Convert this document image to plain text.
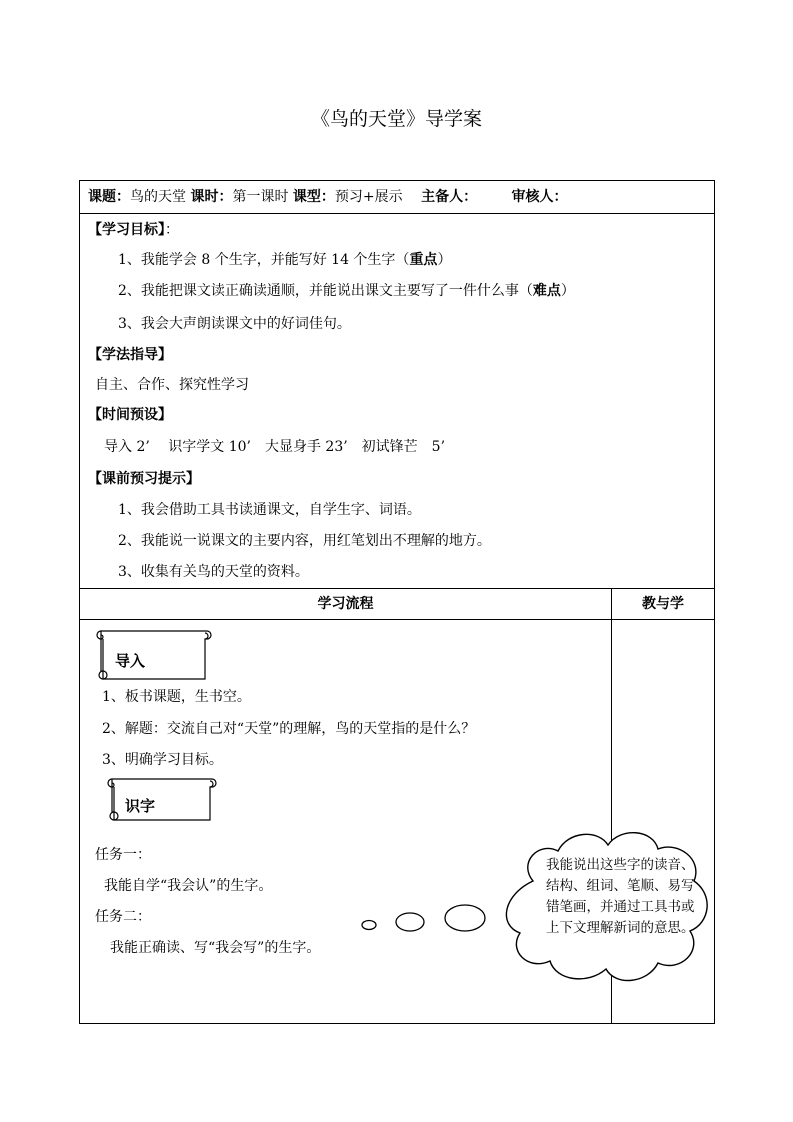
《鸟的天堂》导学案
课题：鸟的天堂 课时：第一课时 课型：预习+展示 主备人： 审核人：
【学习目标】：
1、我能学会 8 个生字，并能写好 14 个生字（重点）
2、我能把课文读正确读通顺，并能说出课文主要写了一件什么事（难点）
3、我会大声朗读课文中的好词佳句。
【学法指导】
自主、合作、探究性学习
【时间预设】
导入 2’　 识字学文 10’　大显身手 23’　初试锋芒　5’
【课前预习提示】
1、我会借助工具书读通课文，自学生字、词语。
2、我能说一说课文的主要内容，用红笔划出不理解的地方。
3、收集有关鸟的天堂的资料。
学习流程	教与学
导入
1、板书课题，生书空。
2、解题：交流自己对“天堂”的理解，鸟的天堂指的是什么？
3、明确学习目标。
识字
任务一：
我能自学“我会认”的生字。
任务二：
我能正确读、写“我会写”的生字。
我能说出这些字的读音、结构、组词、笔顺、易写错笔画，并通过工具书或上下文理解新词的意思。
